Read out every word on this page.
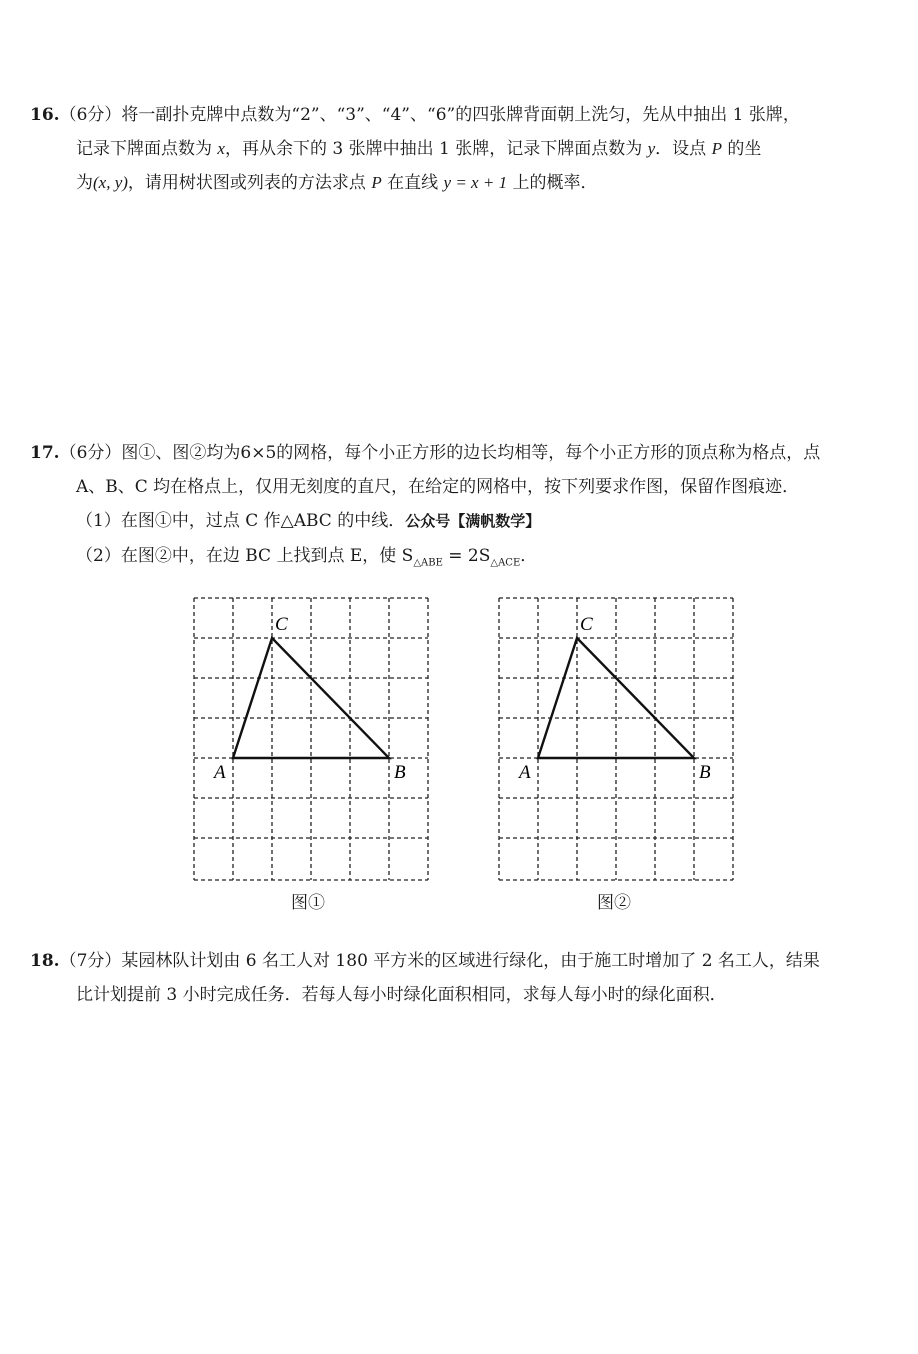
16.（6分）将一副扑克牌中点数为“2”、“3”、“4”、“6”的四张牌背面朝上洗匀，先从中抽出 1 张牌，

记录下牌面点数为 x，再从余下的 3 张牌中抽出 1 张牌，记录下牌面点数为 y．设点 P 的坐

为(x, y)，请用树状图或列表的方法求点 P 在直线 y = x + 1 上的概率．

17.（6分）图①、图②均为6×5的网格，每个小正方形的边长均相等，每个小正方形的顶点称为格点，点

A、B、C 均在格点上，仅用无刻度的直尺，在给定的网格中，按下列要求作图，保留作图痕迹．

（1）在图①中，过点 C 作△ABC 的中线．公众号【满帆数学】

（2）在图②中，在边 BC 上找到点 E，使 $S_{\triangle ABE} = 2S_{\triangle ACE}$．

A	B
C
图①
A	B
C
图②

18.（7分）某园林队计划由 6 名工人对 180 平方米的区域进行绿化，由于施工时增加了 2 名工人，结果

比计划提前 3 小时完成任务．若每人每小时绿化面积相同，求每人每小时的绿化面积．
